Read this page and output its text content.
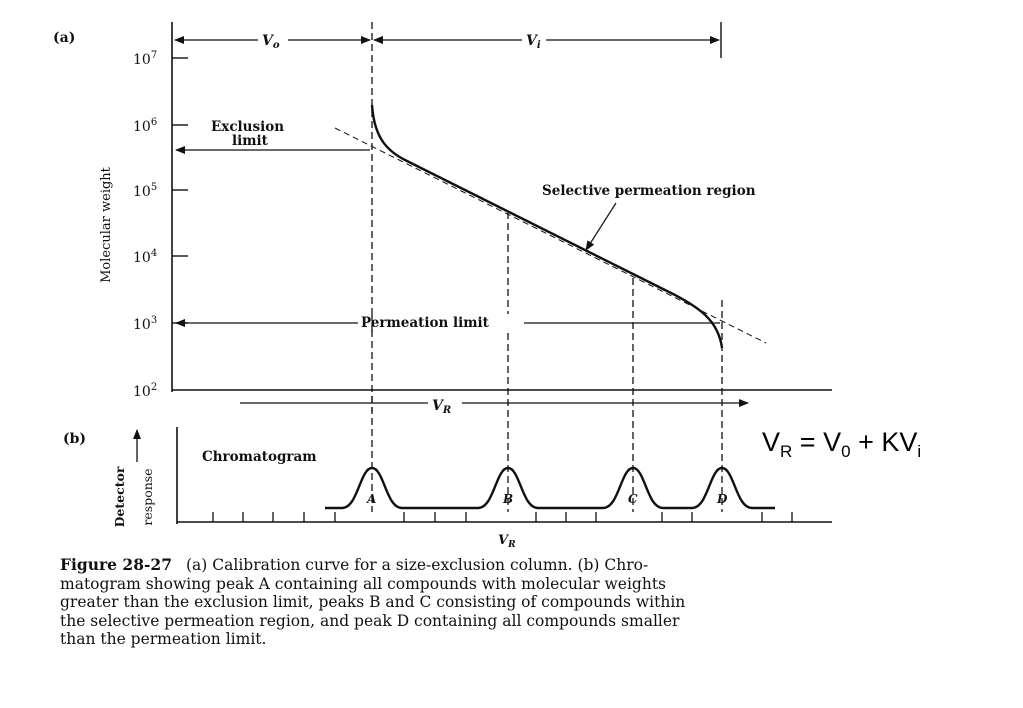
(a)
$10^7$
$10^6$
$10^5$
$10^4$
$10^3$
$10^2$
Molecular weight
$V_o$	$V_i$
Exclusion
limit
Selective permeation region
Permeation limit
$V_R$
(b)
Detector response
Chromatogram
A	B	C	D
$V_R$
$V_R = V_0 + KV_i$
Figure 28-27 (a) Calibration curve for a size-exclusion column. (b) Chro-
matogram showing peak A containing all compounds with molecular weights
greater than the exclusion limit, peaks B and C consisting of compounds within
the selective permeation region, and peak D containing all compounds smaller
than the permeation limit.
